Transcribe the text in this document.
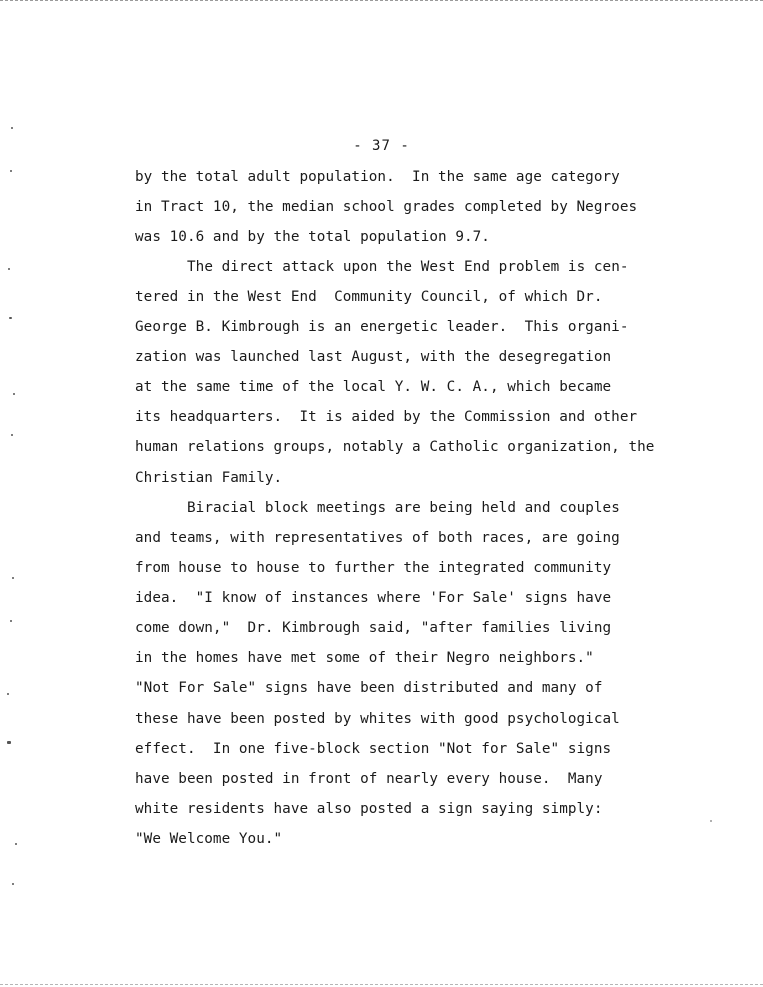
- 37 -
by the total adult population.  In the same age category
in Tract 10, the median school grades completed by Negroes
was 10.6 and by the total population 9.7.
The direct attack upon the West End problem is cen-
tered in the West End  Community Council, of which Dr.
George B. Kimbrough is an energetic leader.  This organi-
zation was launched last August, with the desegregation
at the same time of the local Y. W. C. A., which became
its headquarters.  It is aided by the Commission and other
human relations groups, notably a Catholic organization, the
Christian Family.
Biracial block meetings are being held and couples
and teams, with representatives of both races, are going
from house to house to further the integrated community
idea.  "I know of instances where 'For Sale' signs have
come down,"  Dr. Kimbrough said, "after families living
in the homes have met some of their Negro neighbors."
"Not For Sale" signs have been distributed and many of
these have been posted by whites with good psychological
effect.  In one five-block section "Not for Sale" signs
have been posted in front of nearly every house.  Many
white residents have also posted a sign saying simply:
"We Welcome You."
